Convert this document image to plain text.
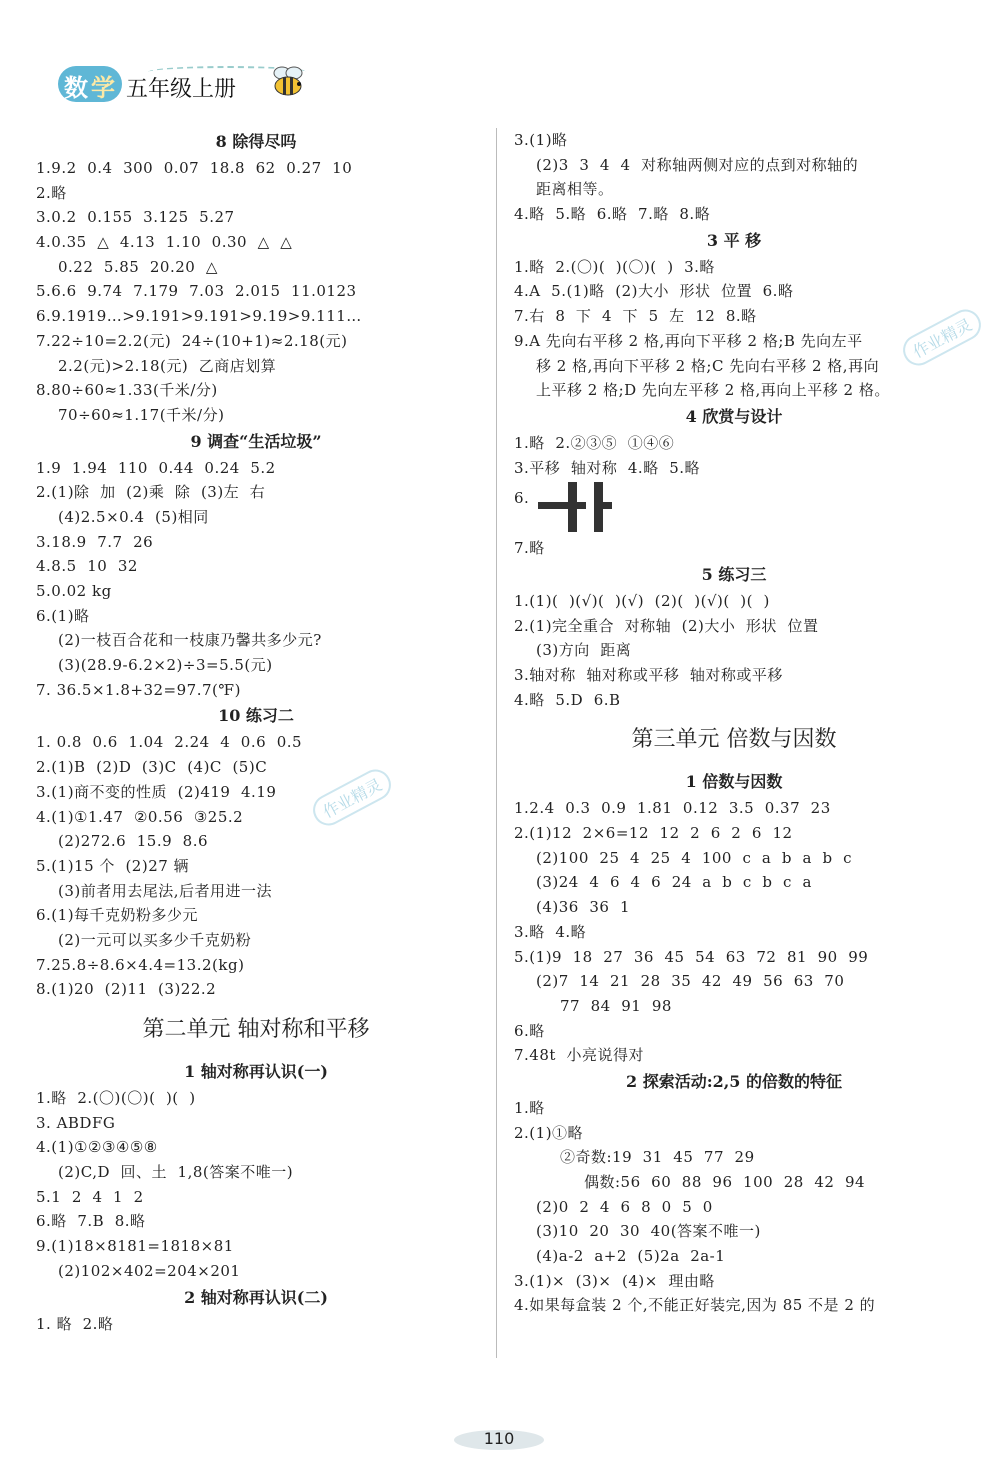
数 学 五年级上册
8 除得尽吗
1.9.2  0.4  300  0.07  18.8  62  0.27  10
2.略
3.0.2  0.155  3.125  5.27
4.0.35  △  4.13  1.10  0.30  △  △
0.22  5.85  20.20  △
5.6.6  9.74  7.179  7.03  2.015  11.0123
6.9.1919…>9.191>9.191>9.19>9.111…
7.22÷10=2.2(元)  24÷(10+1)≈2.18(元)
2.2(元)>2.18(元)  乙商店划算
8.80÷60≈1.33(千米/分)
70÷60≈1.17(千米/分)
9 调查“生活垃圾”
1.9  1.94  110  0.44  0.24  5.2
2.(1)除  加  (2)乘  除  (3)左  右
(4)2.5×0.4  (5)相同
3.18.9  7.7  26
4.8.5  10  32
5.0.02 kg
6.(1)略
(2)一枝百合花和一枝康乃馨共多少元?
(3)(28.9-6.2×2)÷3=5.5(元)
7. 36.5×1.8+32=97.7(℉)
10 练习二
1. 0.8  0.6  1.04  2.24  4  0.6  0.5
2.(1)B  (2)D  (3)C  (4)C  (5)C
3.(1)商不变的性质  (2)419  4.19
4.(1)①1.47  ②0.56  ③25.2
(2)272.6  15.9  8.6
5.(1)15 个  (2)27 辆
(3)前者用去尾法,后者用进一法
6.(1)每千克奶粉多少元
(2)一元可以买多少千克奶粉
7.25.8÷8.6×4.4=13.2(kg)
8.(1)20  (2)11  (3)22.2
第二单元 轴对称和平移
1 轴对称再认识(一)
1.略  2.(〇)(〇)(  )(  )
3. ABDFG
4.(1)①②③④⑤⑧
(2)C,D  回、土  1,8(答案不唯一)
5.1  2  4  1  2
6.略  7.B  8.略
9.(1)18×8181=1818×81
(2)102×402=204×201
2 轴对称再认识(二)
1. 略  2.略
3.(1)略
(2)3  3  4  4  对称轴两侧对应的点到对称轴的
距离相等。
4.略  5.略  6.略  7.略  8.略
3 平 移
1.略  2.(〇)(  )(〇)(  )  3.略
4.A  5.(1)略  (2)大小  形状  位置  6.略
7.右  8  下  4  下  5  左  12  8.略
9.A 先向右平移 2 格,再向下平移 2 格;B 先向左平
移 2 格,再向下平移 2 格;C 先向右平移 2 格,再向
上平移 2 格;D 先向左平移 2 格,再向上平移 2 格。
4 欣赏与设计
1.略  2.②③⑤  ①④⑥
3.平移  轴对称  4.略  5.略
6.
7.略
5 练习三
1.(1)(  )(√)(  )(√)  (2)(  )(√)(  )(  )
2.(1)完全重合  对称轴  (2)大小  形状  位置
(3)方向  距离
3.轴对称  轴对称或平移  轴对称或平移
4.略  5.D  6.B
第三单元 倍数与因数
1 倍数与因数
1.2.4  0.3  0.9  1.81  0.12  3.5  0.37  23
2.(1)12  2×6=12  12  2  6  2  6  12
(2)100  25  4  25  4  100  c  a  b  a  b  c
(3)24  4  6  4  6  24  a  b  c  b  c  a
(4)36  36  1
3.略  4.略
5.(1)9  18  27  36  45  54  63  72  81  90  99
(2)7  14  21  28  35  42  49  56  63  70
77  84  91  98
6.略
7.48t  小亮说得对
2 探索活动:2,5 的倍数的特征
1.略
2.(1)①略
②奇数:19  31  45  77  29
偶数:56  60  88  96  100  28  42  94
(2)0  2  4  6  8  0  5  0
(3)10  20  30  40(答案不唯一)
(4)a-2  a+2  (5)2a  2a-1
3.(1)×  (3)×  (4)×  理由略
4.如果每盒装 2 个,不能正好装完,因为 85 不是 2 的
作业精灵
作业精灵
110
